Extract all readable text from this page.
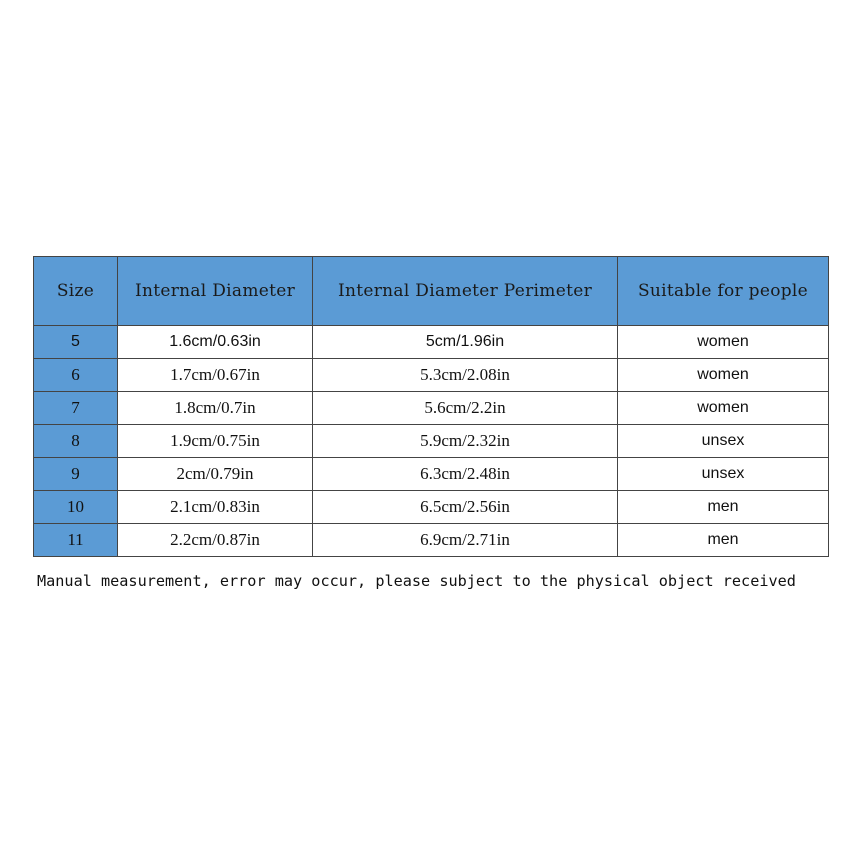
Size	Internal Diameter	Internal Diameter Perimeter	Suitable for people
5	1.6cm/0.63in	5cm/1.96in	women
6	1.7cm/0.67in	5.3cm/2.08in	women
7	1.8cm/0.7in	5.6cm/2.2in	women
8	1.9cm/0.75in	5.9cm/2.32in	unsex
9	2cm/0.79in	6.3cm/2.48in	unsex
10	2.1cm/0.83in	6.5cm/2.56in	men
11	2.2cm/0.87in	6.9cm/2.71in	men
Manual measurement, error may occur, please subject to the physical object received
